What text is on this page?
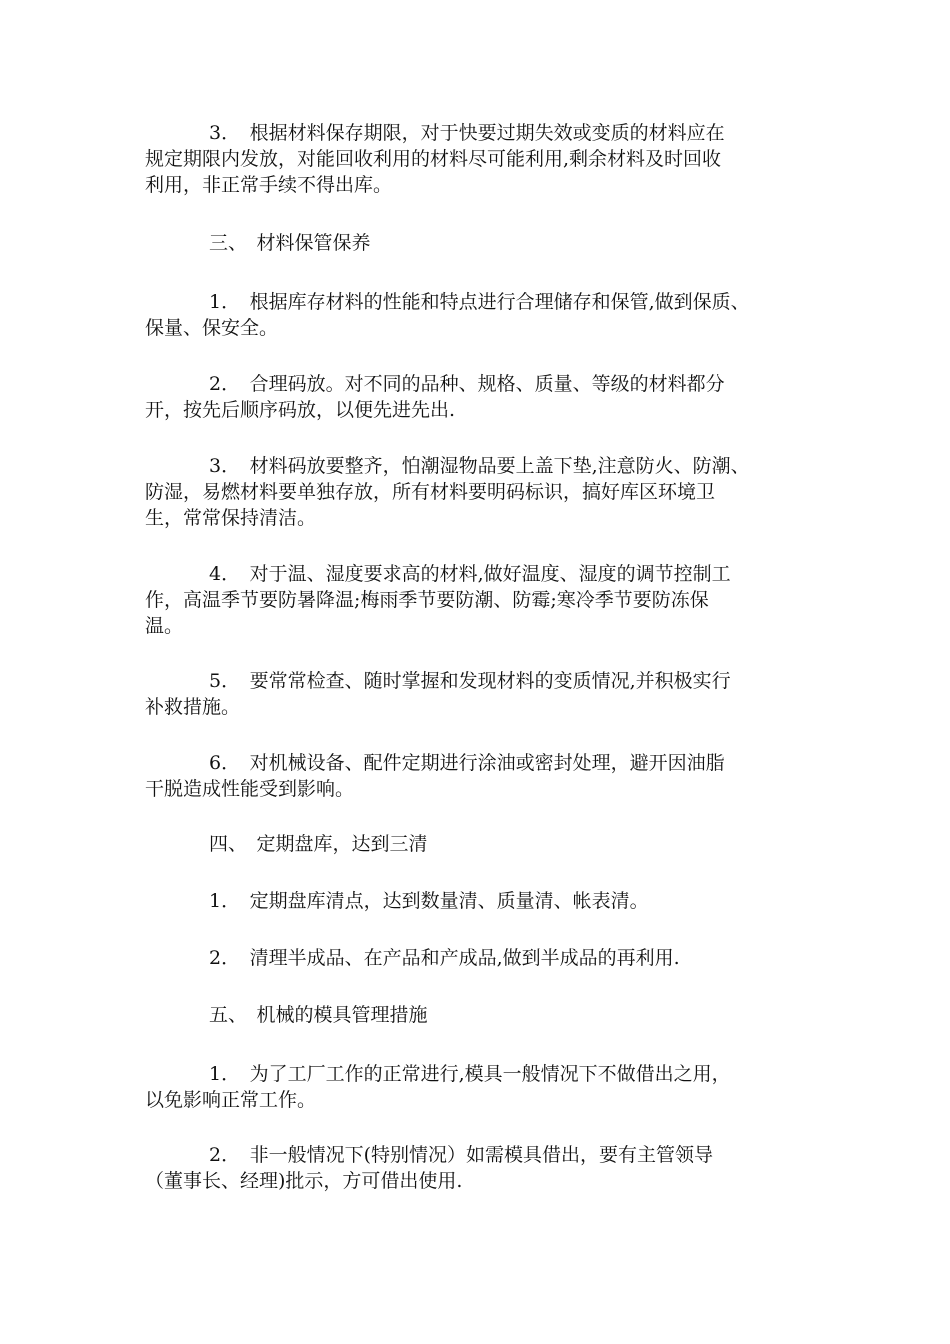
3．　根据材料保存期限，对于快要过期失效或变质的材料应在
规定期限内发放，对能回收利用的材料尽可能利用,剩余材料及时回收
利用，非正常手续不得出库。
三、　材料保管保养
1．　根据库存材料的性能和特点进行合理储存和保管,做到保质、
保量、保安全。
2．　合理码放。对不同的品种、规格、质量、等级的材料都分
开，按先后顺序码放，以便先进先出.
3．　材料码放要整齐，怕潮湿物品要上盖下垫,注意防火、防潮、
防湿，易燃材料要单独存放，所有材料要明码标识，搞好库区环境卫
生，常常保持清洁。
4．　对于温、湿度要求高的材料,做好温度、湿度的调节控制工
作，高温季节要防暑降温;梅雨季节要防潮、防霉;寒冷季节要防冻保
温。
5．　要常常检查、随时掌握和发现材料的变质情况,并积极实行
补救措施。
6．　对机械设备、配件定期进行涂油或密封处理，避开因油脂
干脱造成性能受到影响。
四、　定期盘库，达到三清
1．　定期盘库清点，达到数量清、质量清、帐表清。
2．　清理半成品、在产品和产成品,做到半成品的再利用.
五、　机械的模具管理措施
1．　为了工厂工作的正常进行,模具一般情况下不做借出之用，
以免影响正常工作。
2．　非一般情况下(特别情况）如需模具借出，要有主管领导
（董事长、经理)批示，方可借出使用.
